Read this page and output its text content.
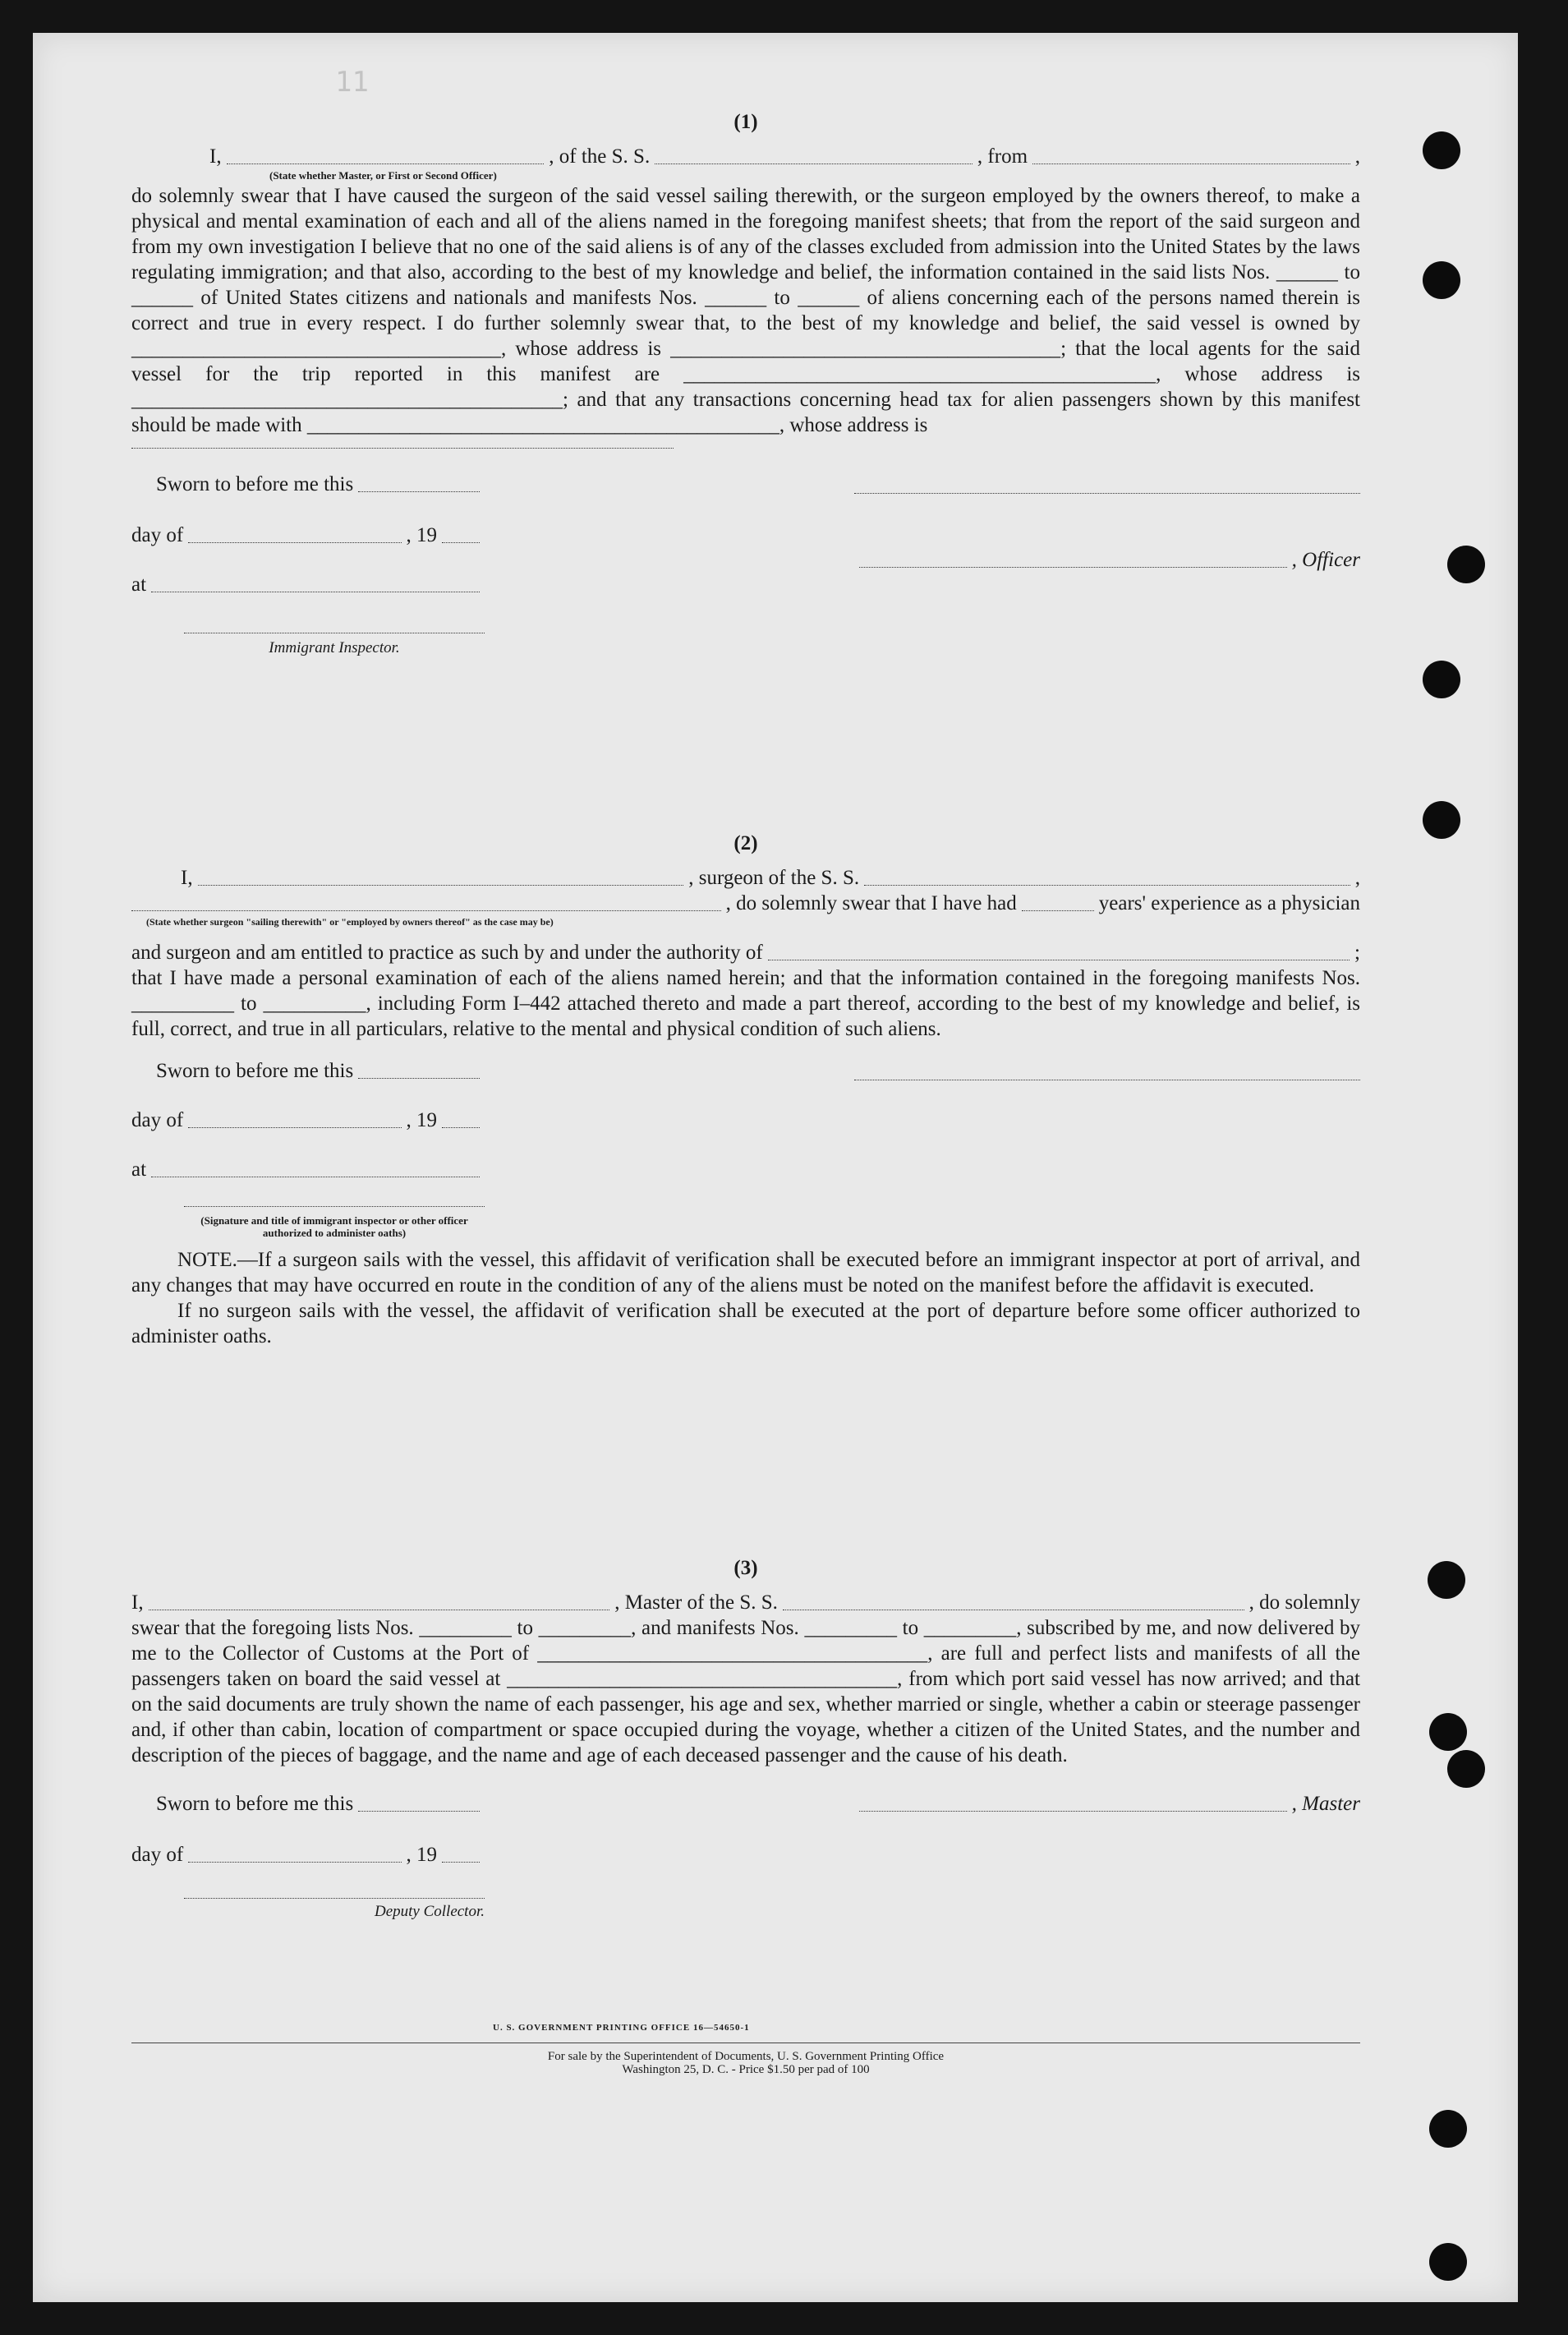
11
(1)
I,	, of the S. S.	, from	,
(State whether Master, or First or Second Officer)

do solemnly swear that I have caused the surgeon of the said vessel sailing therewith, or the surgeon employed by the owners thereof, to make a physical and mental examination of each and all of the aliens named in the foregoing manifest sheets; that from the report of the said surgeon and from my own investigation I believe that no one of the said aliens is of any of the classes excluded from admission into the United States by the laws regulating immigration; and that also, according to the best of my knowledge and belief, the information contained in the said lists Nos. ______ to ______ of United States citizens and nationals and manifests Nos. ______ to ______ of aliens concerning each of the persons named therein is correct and true in every respect. I do further solemnly swear that, to the best of my knowledge and belief, the said vessel is owned by ____________________________________, whose address is ______________________________________; that the local agents for the said vessel for the trip reported in this manifest are ______________________________________________, whose address is __________________________________________; and that any transactions concerning head tax for alien passengers shown by this manifest should be made with ______________________________________________, whose address is

Sworn to before me this
day of	, 19
, Officer
at
Immigrant Inspector.
(2)
I,	, surgeon of the S. S.	,
, do solemnly swear that I have had	years' experience as a physician
(State whether surgeon "sailing therewith" or "employed by owners thereof" as the case may be)
and surgeon and am entitled to practice as such by and under the authority of	;

that I have made a personal examination of each of the aliens named herein; and that the information contained in the foregoing manifests Nos. __________ to __________, including Form I–442 attached thereto and made a part thereof, according to the best of my knowledge and belief, is full, correct, and true in all particulars, relative to the mental and physical condition of such aliens.

Sworn to before me this
day of	, 19
at
(Signature and title of immigrant inspector or other officer authorized to administer oaths)

NOTE.—If a surgeon sails with the vessel, this affidavit of verification shall be executed before an immigrant inspector at port of arrival, and any changes that may have occurred en route in the condition of any of the aliens must be noted on the manifest before the affidavit is executed.

If no surgeon sails with the vessel, the affidavit of verification shall be executed at the port of departure before some officer authorized to administer oaths.

(3)
I,	, Master of the S. S.	, do solemnly

swear that the foregoing lists Nos. _________ to _________, and manifests Nos. _________ to _________, subscribed by me, and now delivered by me to the Collector of Customs at the Port of ______________________________________, are full and perfect lists and manifests of all the passengers taken on board the said vessel at ______________________________________, from which port said vessel has now arrived; and that on the said documents are truly shown the name of each passenger, his age and sex, whether married or single, whether a cabin or steerage passenger and, if other than cabin, location of compartment or space occupied during the voyage, whether a citizen of the United States, and the number and description of the pieces of baggage, and the name and age of each deceased passenger and the cause of his death.

Sworn to before me this	, Master
day of	, 19
Deputy Collector.
U. S. GOVERNMENT PRINTING OFFICE 16—54650-1
For sale by the Superintendent of Documents, U. S. Government Printing Office
Washington 25, D. C. - Price $1.50 per pad of 100
